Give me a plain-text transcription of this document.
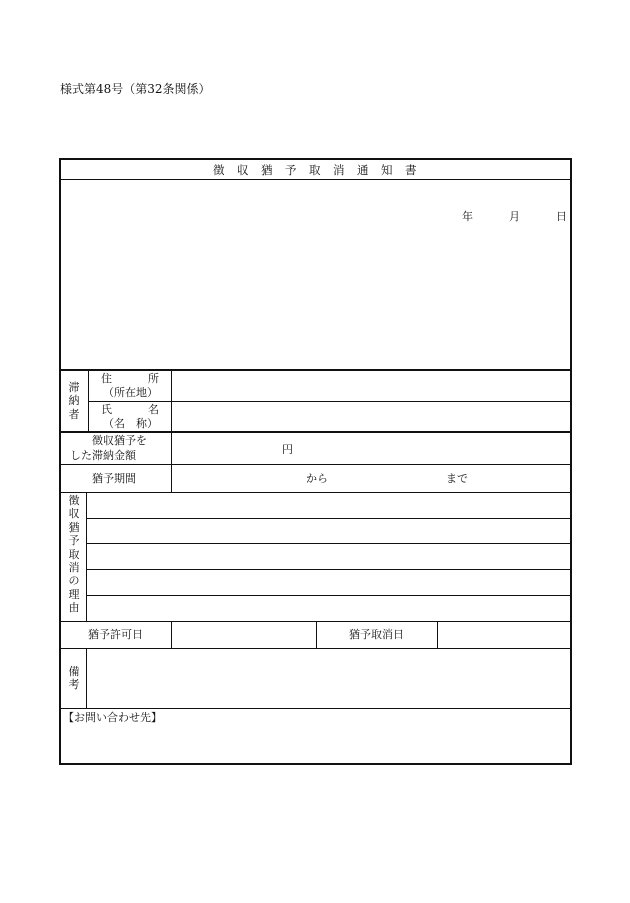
様式第48号（第32条関係）
徴収猶予取消通知書
年	月	日
滞
納
者
住	所
（所在地）
氏	名
（名　称）
徴収猶予を
した滞納金額	円
猶予期間	から	まで
徴
収
猶
予
取
消
の
理
由
猶予許可日	猶予取消日
備
考
【お問い合わせ先】
